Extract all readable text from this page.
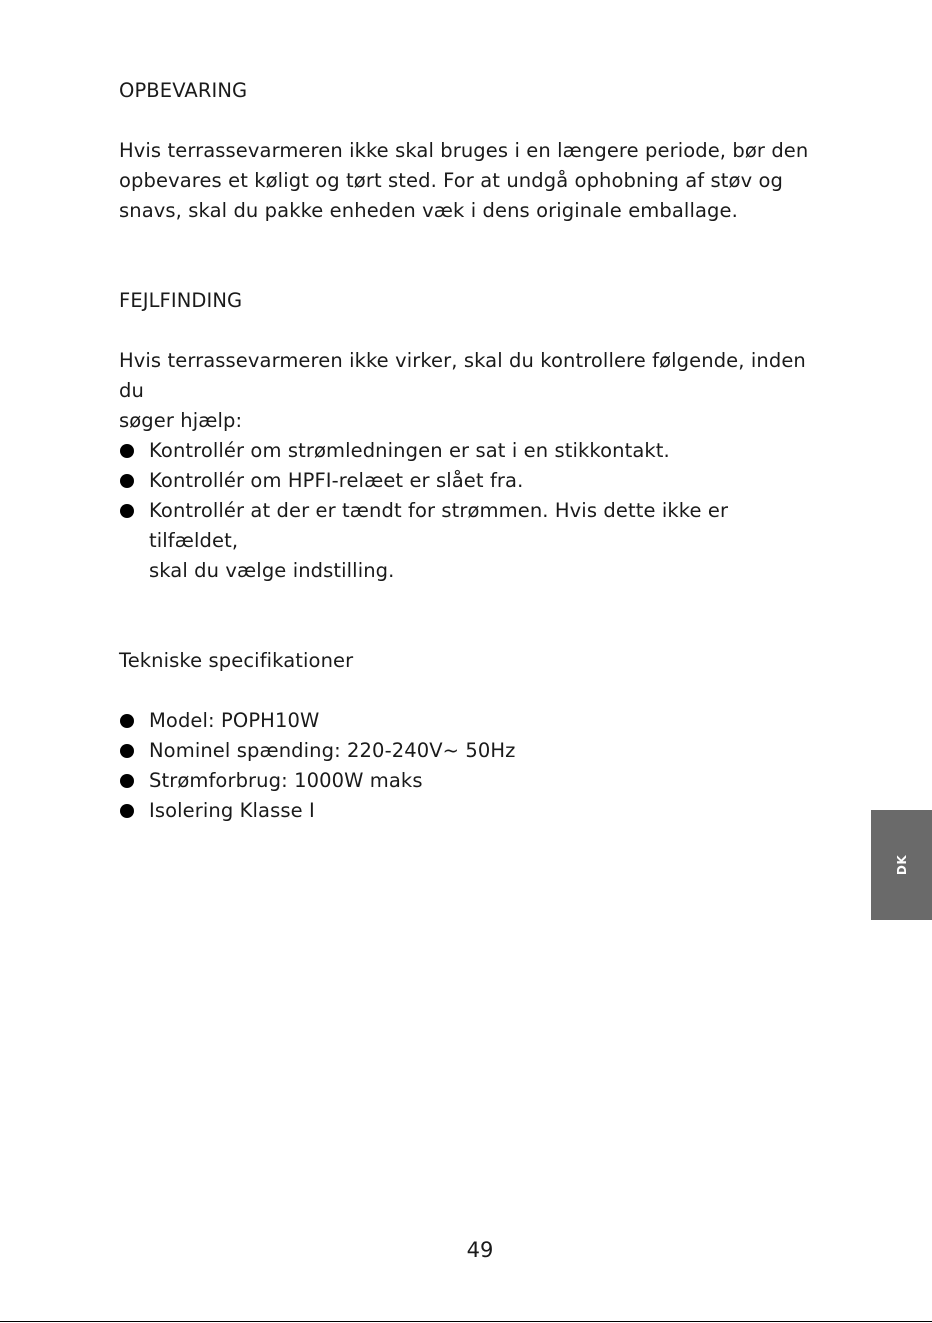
OPBEVARING
Hvis terrassevarmeren ikke skal bruges i en længere periode, bør den
opbevares et køligt og tørt sted. For at undgå ophobning af støv og
snavs, skal du pakke enheden væk i dens originale emballage.
FEJLFINDING
Hvis terrassevarmeren ikke virker, skal du kontrollere følgende, inden du
søger hjælp:
Kontrollér om strømledningen er sat i en stikkontakt.
Kontrollér om HPFI-relæet er slået fra.
Kontrollér at der er tændt for strømmen. Hvis dette ikke er tilfældet,
skal du vælge indstilling.
Tekniske specifikationer
Model: POPH10W
Nominel spænding: 220-240V~ 50Hz
Strømforbrug: 1000W maks
Isolering Klasse I
DK
49
